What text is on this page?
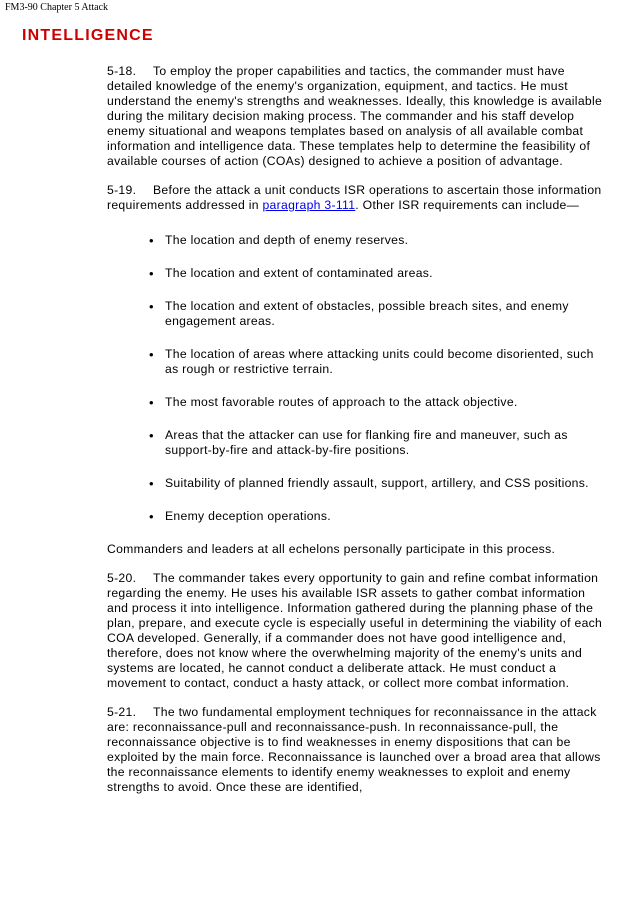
FM3-90 Chapter 5 Attack
INTELLIGENCE

5-18. To employ the proper capabilities and tactics, the commander must have detailed knowledge of the enemy's organization, equipment, and tactics. He must understand the enemy's strengths and weaknesses. Ideally, this knowledge is available during the military decision making process. The commander and his staff develop enemy situational and weapons templates based on analysis of all available combat information and intelligence data. These templates help to determine the feasibility of available courses of action (COAs) designed to achieve a position of advantage.

5-19. Before the attack a unit conducts ISR operations to ascertain those information requirements addressed in paragraph 3-111. Other ISR requirements can include—

• The location and depth of enemy reserves.
• The location and extent of contaminated areas.
• The location and extent of obstacles, possible breach sites, and enemy engagement areas.
• The location of areas where attacking units could become disoriented, such as rough or restrictive terrain.
• The most favorable routes of approach to the attack objective.
• Areas that the attacker can use for flanking fire and maneuver, such as support-by-fire and attack-by-fire positions.
• Suitability of planned friendly assault, support, artillery, and CSS positions.
• Enemy deception operations.

Commanders and leaders at all echelons personally participate in this process.

5-20. The commander takes every opportunity to gain and refine combat information regarding the enemy. He uses his available ISR assets to gather combat information and process it into intelligence. Information gathered during the planning phase of the plan, prepare, and execute cycle is especially useful in determining the viability of each COA developed. Generally, if a commander does not have good intelligence and, therefore, does not know where the overwhelming majority of the enemy's units and systems are located, he cannot conduct a deliberate attack. He must conduct a movement to contact, conduct a hasty attack, or collect more combat information.

5-21. The two fundamental employment techniques for reconnaissance in the attack are: reconnaissance-pull and reconnaissance-push. In reconnaissance-pull, the reconnaissance objective is to find weaknesses in enemy dispositions that can be exploited by the main force. Reconnaissance is launched over a broad area that allows the reconnaissance elements to identify enemy weaknesses to exploit and enemy strengths to avoid. Once these are identified,
